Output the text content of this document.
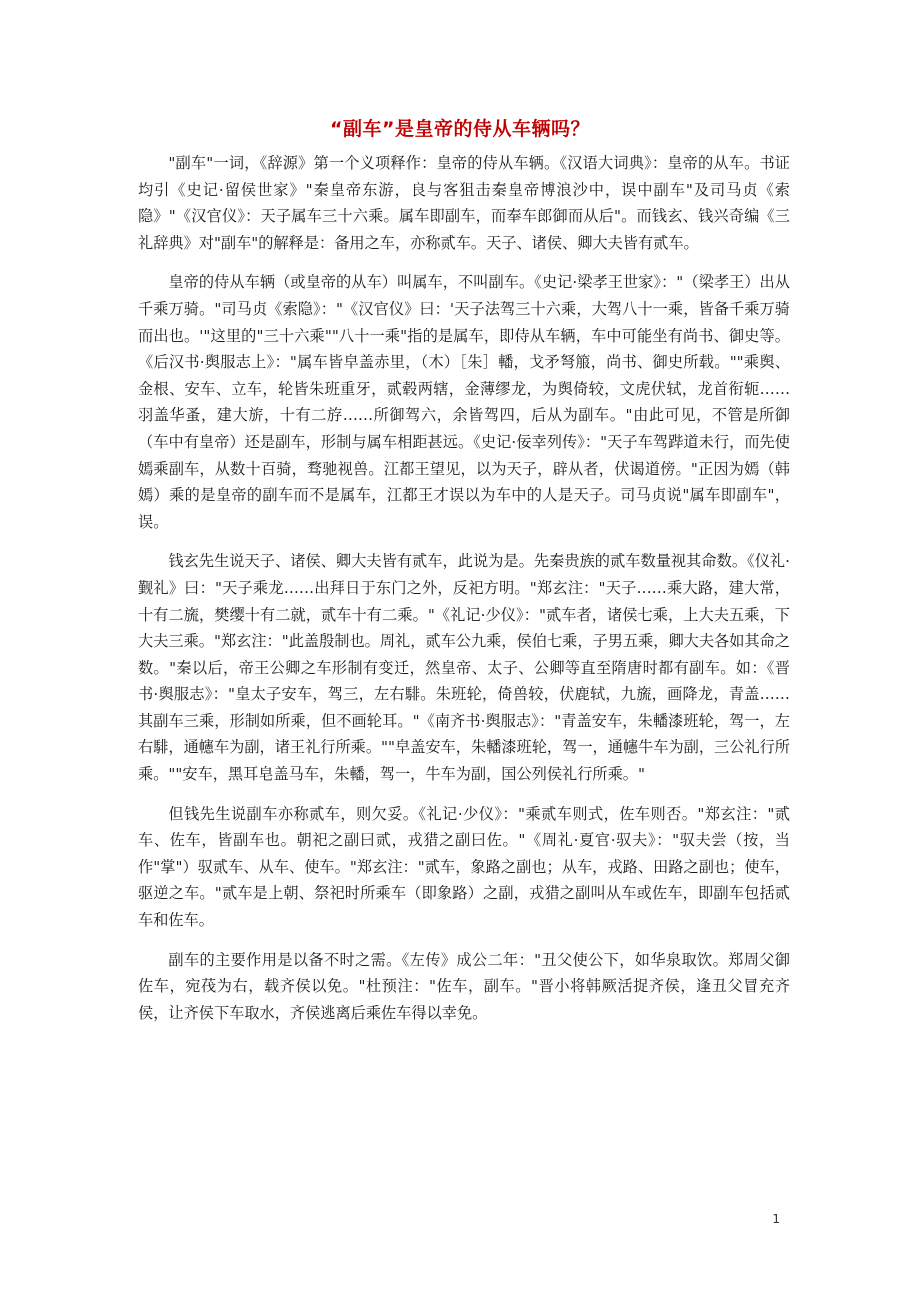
“副车”是皇帝的侍从车辆吗？

"副车"一词，《辞源》第一个义项释作：皇帝的侍从车辆。《汉语大词典》：皇帝的从车。书证均引《史记·留侯世家》"秦皇帝东游，良与客狙击秦皇帝博浪沙中，误中副车"及司马贞《索隐》"《汉官仪》：天子属车三十六乘。属车即副车，而奉车郎御而从后"。而钱玄、钱兴奇编《三礼辞典》对"副车"的解释是：备用之车，亦称贰车。天子、诸侯、卿大夫皆有贰车。

皇帝的侍从车辆（或皇帝的从车）叫属车，不叫副车。《史记·梁孝王世家》："（梁孝王）出从千乘万骑。"司马贞《索隐》："《汉官仪》曰：'天子法驾三十六乘，大驾八十一乘，皆备千乘万骑而出也。'"这里的"三十六乘""八十一乘"指的是属车，即侍从车辆，车中可能坐有尚书、御史等。《后汉书·舆服志上》："属车皆皁盖赤里，（木）［朱］轓，戈矛弩箙，尚书、御史所载。""乘舆、金根、安车、立车，轮皆朱班重牙，贰毂两辖，金薄缪龙，为舆倚较，文虎伏轼，龙首衔轭……羽盖华蚤，建大旂，十有二斿……所御驾六，余皆驾四，后从为副车。"由此可见，不管是所御（车中有皇帝）还是副车，形制与属车相距甚远。《史记·佞幸列传》："天子车驾跸道未行，而先使嫣乘副车，从数十百骑，骛驰视兽。江都王望见，以为天子，辟从者，伏谒道傍。"正因为嫣（韩嫣）乘的是皇帝的副车而不是属车，江都王才误以为车中的人是天子。司马贞说"属车即副车"，误。

钱玄先生说天子、诸侯、卿大夫皆有贰车，此说为是。先秦贵族的贰车数量视其命数。《仪礼·觐礼》曰："天子乘龙……出拜日于东门之外，反祀方明。"郑玄注："天子……乘大路，建大常，十有二旒，樊缨十有二就，贰车十有二乘。"《礼记·少仪》："贰车者，诸侯七乘，上大夫五乘，下大夫三乘。"郑玄注："此盖殷制也。周礼，贰车公九乘，侯伯七乘，子男五乘，卿大夫各如其命之数。"秦以后，帝王公卿之车形制有变迁，然皇帝、太子、公卿等直至隋唐时都有副车。如：《晋书·舆服志》："皇太子安车，驾三，左右騑。朱班轮，倚兽较，伏鹿轼，九旒，画降龙，青盖……其副车三乘，形制如所乘，但不画轮耳。"《南齐书·舆服志》："青盖安车，朱轓漆班轮，驾一，左右騑，通幰车为副，诸王礼行所乘。""皁盖安车，朱轓漆班轮，驾一，通幰牛车为副，三公礼行所乘。""安车，黑耳皂盖马车，朱轓，驾一，牛车为副，国公列侯礼行所乘。"

但钱先生说副车亦称贰车，则欠妥。《礼记·少仪》："乘贰车则式，佐车则否。"郑玄注："贰车、佐车，皆副车也。朝祀之副曰贰，戎猎之副曰佐。"《周礼·夏官·驭夫》："驭夫尝（按，当作"掌"）驭贰车、从车、使车。"郑玄注："贰车，象路之副也；从车，戎路、田路之副也；使车，驱逆之车。"贰车是上朝、祭祀时所乘车（即象路）之副，戎猎之副叫从车或佐车，即副车包括贰车和佐车。

副车的主要作用是以备不时之需。《左传》成公二年："丑父使公下，如华泉取饮。郑周父御佐车，宛茷为右，载齐侯以免。"杜预注："佐车，副车。"晋小将韩厥活捉齐侯，逢丑父冒充齐侯，让齐侯下车取水，齐侯逃离后乘佐车得以幸免。

1
